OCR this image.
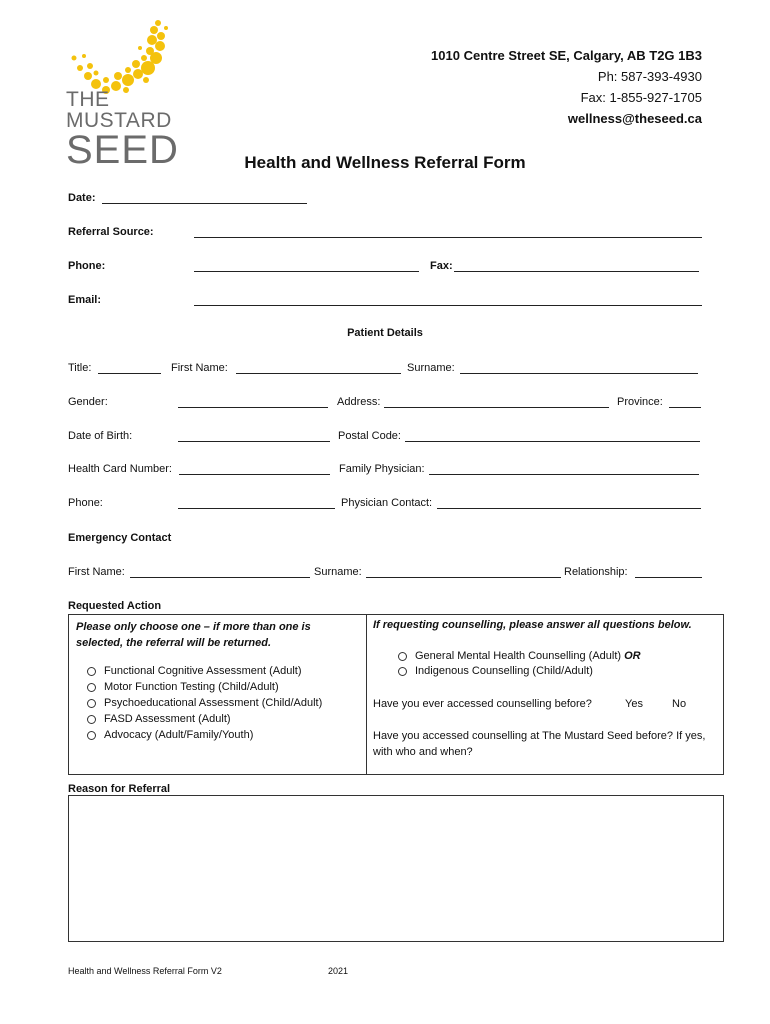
THE
MUSTARD
SEED
1010 Centre Street SE, Calgary, AB T2G 1B3
Ph: 587-393-4930
Fax: 1-855-927-1705
wellness@theseed.ca
Health and Wellness Referral Form
Date:
Referral Source:
Phone:	Fax:
Email:
Patient Details
Title:	First Name:	Surname:
Gender:	Address:	Province:
Date of Birth:	Postal Code:
Health Card Number:	Family Physician:
Phone:	Physician Contact:
Emergency Contact
First Name:	Surname:	Relationship:
Requested Action
Please only choose one – if more than one is selected, the referral will be returned.
Functional Cognitive Assessment (Adult)
Motor Function Testing (Child/Adult)
Psychoeducational Assessment (Child/Adult)
FASD Assessment (Adult)
Advocacy (Adult/Family/Youth)
If requesting counselling, please answer all questions below.
General Mental Health Counselling (Adult) OR
Indigenous Counselling (Child/Adult)
Have you ever accessed counselling before?	Yes	No
Have you accessed counselling at The Mustard Seed before? If yes, with who and when?
Reason for Referral
Health and Wellness Referral Form V2	2021
